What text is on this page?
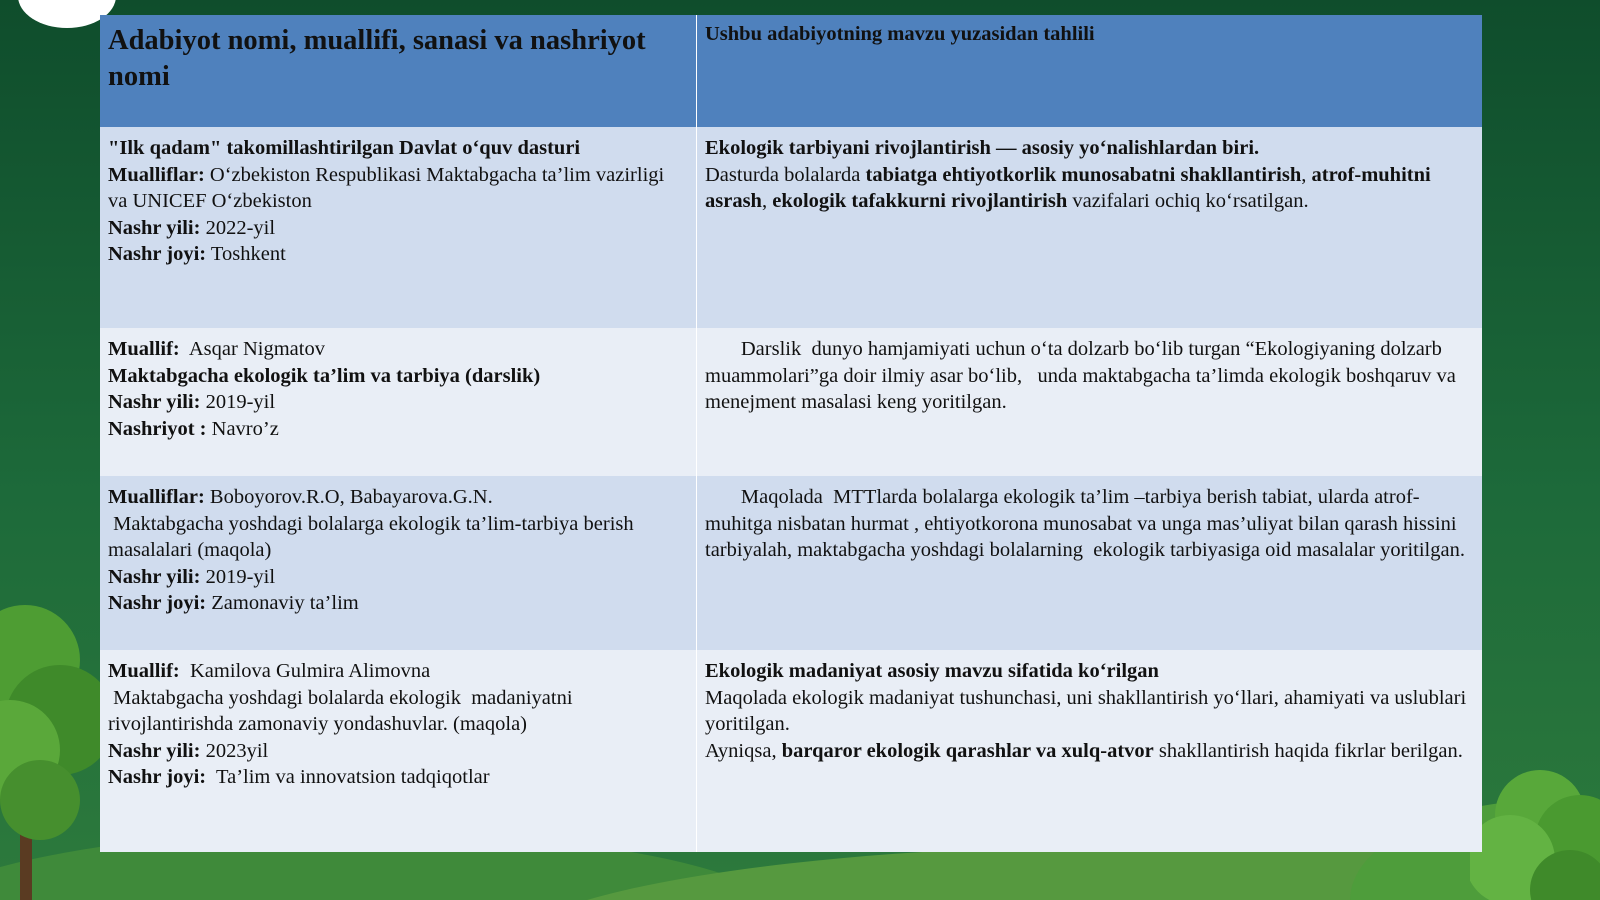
Adabiyot nomi, muallifi, sanasi va nashriyot nomi
Ushbu adabiyotning mavzu yuzasidan tahlili
"Ilk qadam" takomillashtirilgan Davlat o‘quv dasturi
Mualliflar: O‘zbekiston Respublikasi Maktabgacha ta’lim vazirligi va UNICEF O‘zbekiston
Nashr yili: 2022-yil
Nashr joyi: Toshkent
Ekologik tarbiyani rivojlantirish — asosiy yo‘nalishlardan biri.
Dasturda bolalarda tabiatga ehtiyotkorlik munosabatni shakllantirish, atrof-muhitni asrash, ekologik tafakkurni rivojlantirish vazifalari ochiq ko‘rsatilgan.
Muallif:  Asqar Nigmatov
Maktabgacha ekologik ta’lim va tarbiya (darslik)
Nashr yili: 2019-yil
Nashriyot : Navro’z
Darslik  dunyo hamjamiyati uchun o‘ta dolzarb bo‘lib turgan “Ekologiyaning dolzarb muammolari”ga doir ilmiy asar bo‘lib,   unda maktabgacha ta’limda ekologik boshqaruv va menejment masalasi keng yoritilgan.
Mualliflar: Boboyorov.R.O, Babayarova.G.N.
Maktabgacha yoshdagi bolalarga ekologik ta’lim-tarbiya berish masalalari (maqola)
Nashr yili: 2019-yil
Nashr joyi: Zamonaviy ta’lim
Maqolada  MTTlarda bolalarga ekologik ta’lim –tarbiya berish tabiat, ularda atrof-muhitga nisbatan hurmat , ehtiyotkorona munosabat va unga mas’uliyat bilan qarash hissini tarbiyalah, maktabgacha yoshdagi bolalarning  ekologik tarbiyasiga oid masalalar yoritilgan.
Muallif:  Kamilova Gulmira Alimovna
Maktabgacha yoshdagi bolalarda ekologik  madaniyatni rivojlantirishda zamonaviy yondashuvlar. (maqola)
Nashr yili: 2023yil
Nashr joyi:  Ta’lim va innovatsion tadqiqotlar
Ekologik madaniyat asosiy mavzu sifatida ko‘rilgan
Maqolada ekologik madaniyat tushunchasi, uni shakllantirish yo‘llari, ahamiyati va uslublari yoritilgan.
Ayniqsa, barqaror ekologik qarashlar va xulq-atvor shakllantirish haqida fikrlar berilgan.
